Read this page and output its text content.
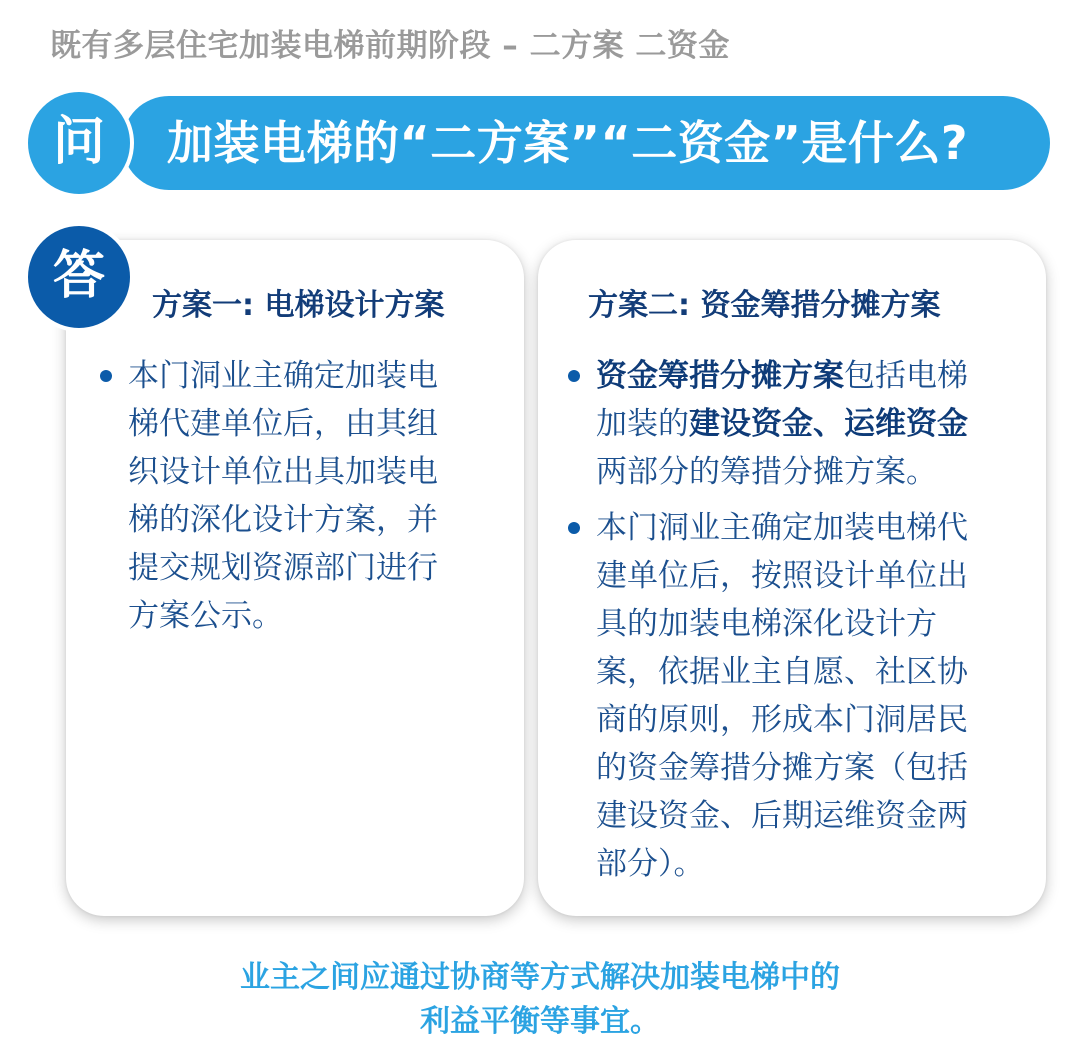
既有多层住宅加装电梯前期阶段 – 二方案 二资金
加装电梯的“二方案”“二资金”是什么?
问
方案一: 电梯设计方案
本门洞业主确定加装电
梯代建单位后，由其组
织设计单位出具加装电
梯的深化设计方案，并
提交规划资源部门进行
方案公示。
答	方案二: 资金筹措分摊方案
资金筹措分摊方案包括电梯
加装的建设资金、运维资金
两部分的筹措分摊方案。
本门洞业主确定加装电梯代
建单位后，按照设计单位出
具的加装电梯深化设计方
案，依据业主自愿、社区协
商的原则，形成本门洞居民
的资金筹措分摊方案（包括
建设资金、后期运维资金两
部分）。
业主之间应通过协商等方式解决加装电梯中的
利益平衡等事宜。
